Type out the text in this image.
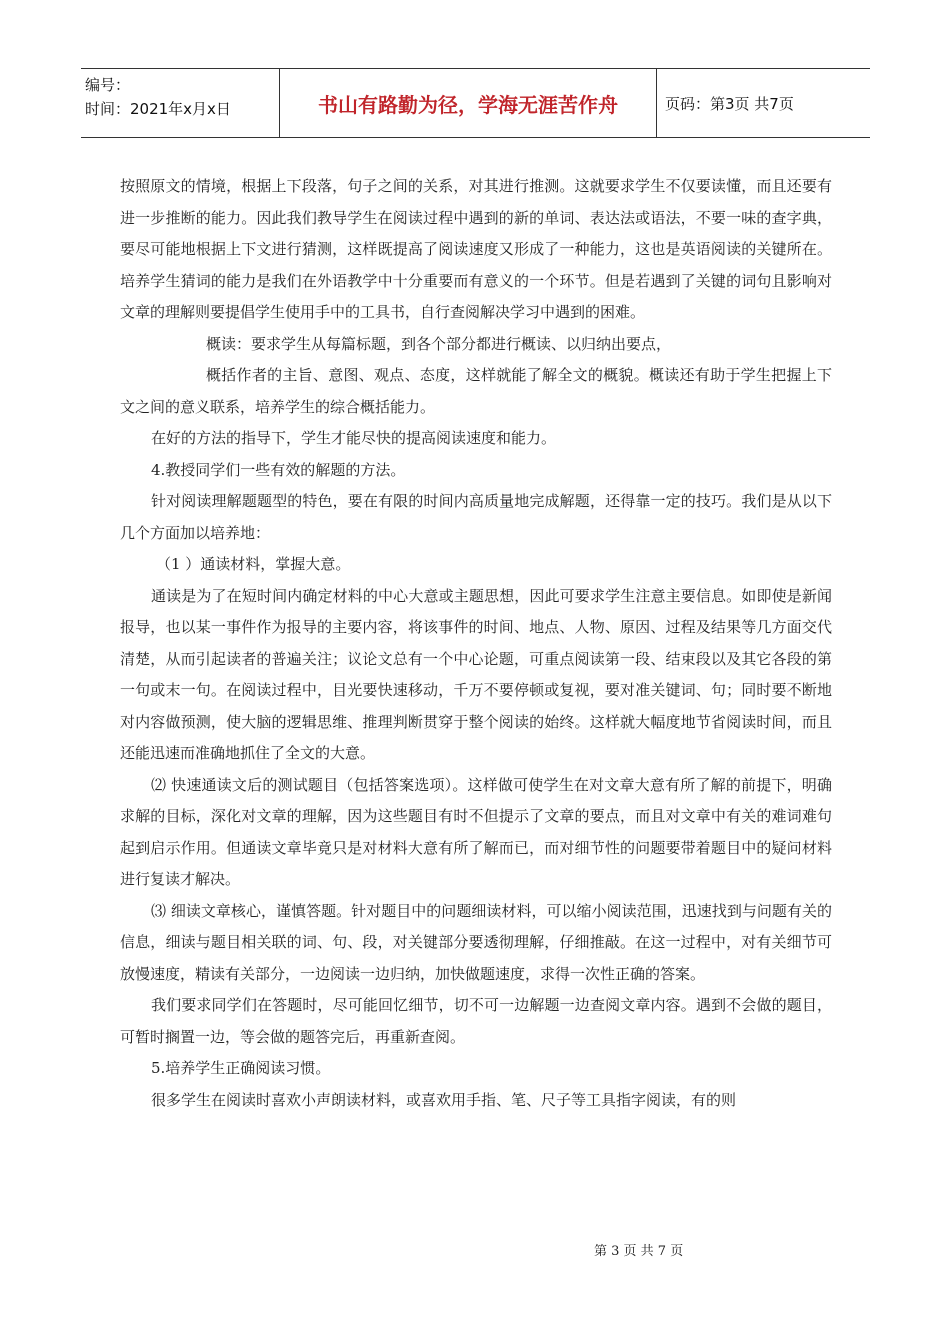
编号：
时间：2021年x月x日	书山有路勤为径，学海无涯苦作舟	页码：第3页 共7页

按照原文的情境，根据上下段落，句子之间的关系，对其进行推测。这就要求学生不仅要读懂，而且还要有进一步推断的能力。因此我们教导学生在阅读过程中遇到的新的单词、表达法或语法，不要一味的查字典，要尽可能地根据上下文进行猜测，这样既提高了阅读速度又形成了一种能力，这也是英语阅读的关键所在。培养学生猜词的能力是我们在外语教学中十分重要而有意义的一个环节。但是若遇到了关键的词句且影响对文章的理解则要提倡学生使用手中的工具书，自行查阅解决学习中遇到的困难。

概读：要求学生从每篇标题，到各个部分都进行概读、以归纳出要点，

概括作者的主旨、意图、观点、态度，这样就能了解全文的概貌。概读还有助于学生把握上下文之间的意义联系，培养学生的综合概括能力。

在好的方法的指导下，学生才能尽快的提高阅读速度和能力。

4.教授同学们一些有效的解题的方法。

针对阅读理解题题型的特色，要在有限的时间内高质量地完成解题，还得靠一定的技巧。我们是从以下几个方面加以培养地：

（1 ）通读材料，掌握大意。

通读是为了在短时间内确定材料的中心大意或主题思想，因此可要求学生注意主要信息。如即使是新闻报导，也以某一事件作为报导的主要内容，将该事件的时间、地点、人物、原因、过程及结果等几方面交代清楚，从而引起读者的普遍关注；议论文总有一个中心论题，可重点阅读第一段、结束段以及其它各段的第一句或末一句。在阅读过程中，目光要快速移动，千万不要停顿或复视，要对准关键词、句；同时要不断地对内容做预测，使大脑的逻辑思维、推理判断贯穿于整个阅读的始终。这样就大幅度地节省阅读时间，而且还能迅速而准确地抓住了全文的大意。

⑵ 快速通读文后的测试题目（包括答案选项）。这样做可使学生在对文章大意有所了解的前提下，明确求解的目标，深化对文章的理解，因为这些题目有时不但提示了文章的要点，而且对文章中有关的难词难句起到启示作用。但通读文章毕竟只是对材料大意有所了解而已，而对细节性的问题要带着题目中的疑问材料进行复读才解决。

⑶ 细读文章核心，谨慎答题。针对题目中的问题细读材料，可以缩小阅读范围，迅速找到与问题有关的信息，细读与题目相关联的词、句、段，对关键部分要透彻理解，仔细推敲。在这一过程中，对有关细节可放慢速度，精读有关部分，一边阅读一边归纳，加快做题速度，求得一次性正确的答案。

我们要求同学们在答题时，尽可能回忆细节，切不可一边解题一边查阅文章内容。遇到不会做的题目，可暂时搁置一边，等会做的题答完后，再重新查阅。

5.培养学生正确阅读习惯。

很多学生在阅读时喜欢小声朗读材料，或喜欢用手指、笔、尺子等工具指字阅读，有的则

第 3 页 共 7 页
